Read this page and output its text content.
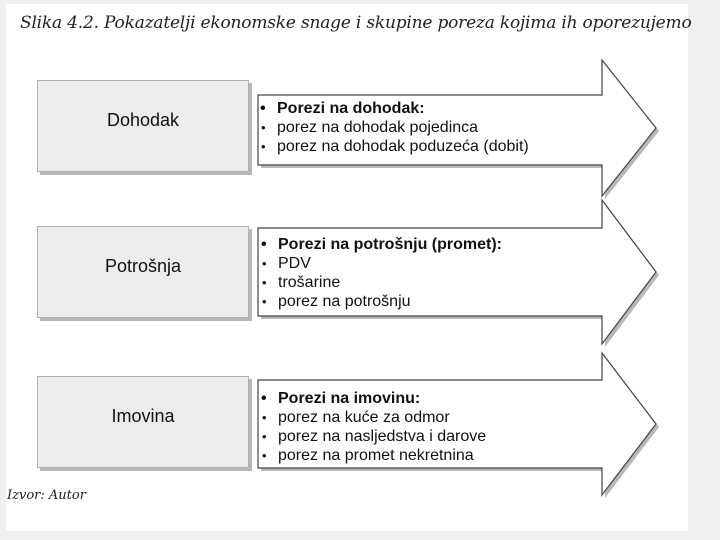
Slika 4.2. Pokazatelji ekonomske snage i skupine poreza kojima ih oporezujemo
Dohodak
• Porezi na dohodak:
• porez na dohodak pojedinca
• porez na dohodak poduzeća (dobit)
Potrošnja
• Porezi na potrošnju (promet):
• PDV
• trošarine
• porez na potrošnju
Imovina
• Porezi na imovinu:
• porez na kuće za odmor
• porez na nasljedstva i darove
• porez na promet nekretnina
Izvor: Autor
